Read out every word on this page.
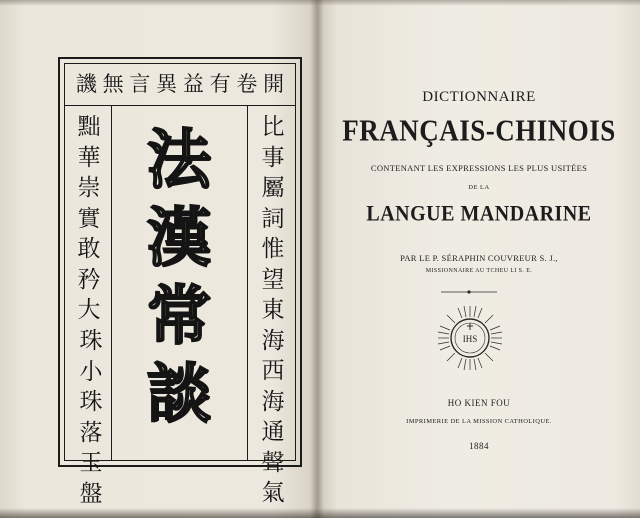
開
卷
有
益
異
言
無
譏
黜
華
崇
實
敢
矜
大
珠
小
珠
落
玉
盤
法
漢
常
談
比
事
屬
詞
惟
望
東
海
西
海
通
聲
氣
DICTIONNAIRE
FRANÇAIS-CHINOIS
CONTENANT LES EXPRESSIONS LES PLUS USITÉES
DE LA
LANGUE MANDARINE
PAR LE P. SÉRAPHIN COUVREUR S. J.,
MISSIONNAIRE AU TCHEU LI S. E.
IHS
HO KIEN FOU
IMPRIMERIE DE LA MISSION CATHOLIQUE.
1884
